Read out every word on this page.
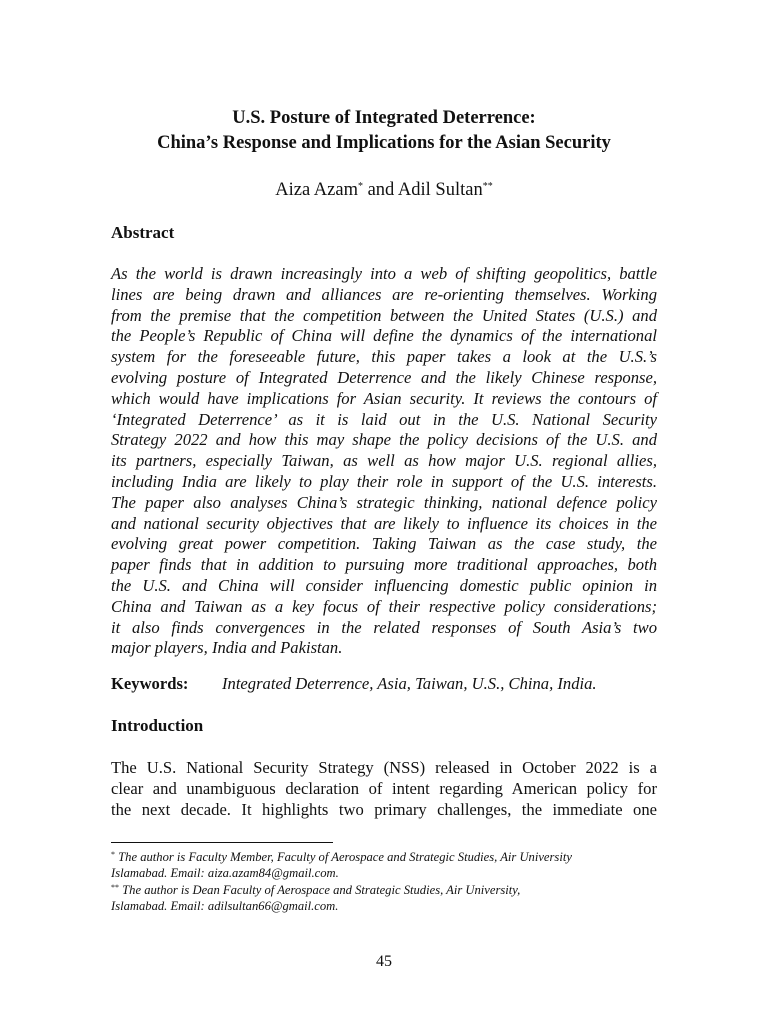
U.S. Posture of Integrated Deterrence:
China’s Response and Implications for the Asian Security
Aiza Azam* and Adil Sultan**
Abstract
As the world is drawn increasingly into a web of shifting geopolitics, battle
lines are being drawn and alliances are re-orienting themselves. Working
from the premise that the competition between the United States (U.S.) and
the People’s Republic of China will define the dynamics of the international
system for the foreseeable future, this paper takes a look at the U.S.’s
evolving posture of Integrated Deterrence and the likely Chinese response,
which would have implications for Asian security. It reviews the contours of
‘Integrated Deterrence’ as it is laid out in the U.S. National Security
Strategy 2022 and how this may shape the policy decisions of the U.S. and
its partners, especially Taiwan, as well as how major U.S. regional allies,
including India are likely to play their role in support of the U.S. interests.
The paper also analyses China’s strategic thinking, national defence policy
and national security objectives that are likely to influence its choices in the
evolving great power competition. Taking Taiwan as the case study, the
paper finds that in addition to pursuing more traditional approaches, both
the U.S. and China will consider influencing domestic public opinion in
China and Taiwan as a key focus of their respective policy considerations;
it also finds convergences in the related responses of South Asia’s two
major players, India and Pakistan.
Keywords: Integrated Deterrence, Asia, Taiwan, U.S., China, India.
Introduction
The U.S. National Security Strategy (NSS) released in October 2022 is a
clear and unambiguous declaration of intent regarding American policy for
the next decade. It highlights two primary challenges, the immediate one
* The author is Faculty Member, Faculty of Aerospace and Strategic Studies, Air University
Islamabad. Email: aiza.azam84@gmail.com.
** The author is Dean Faculty of Aerospace and Strategic Studies, Air University,
Islamabad. Email: adilsultan66@gmail.com.
45
